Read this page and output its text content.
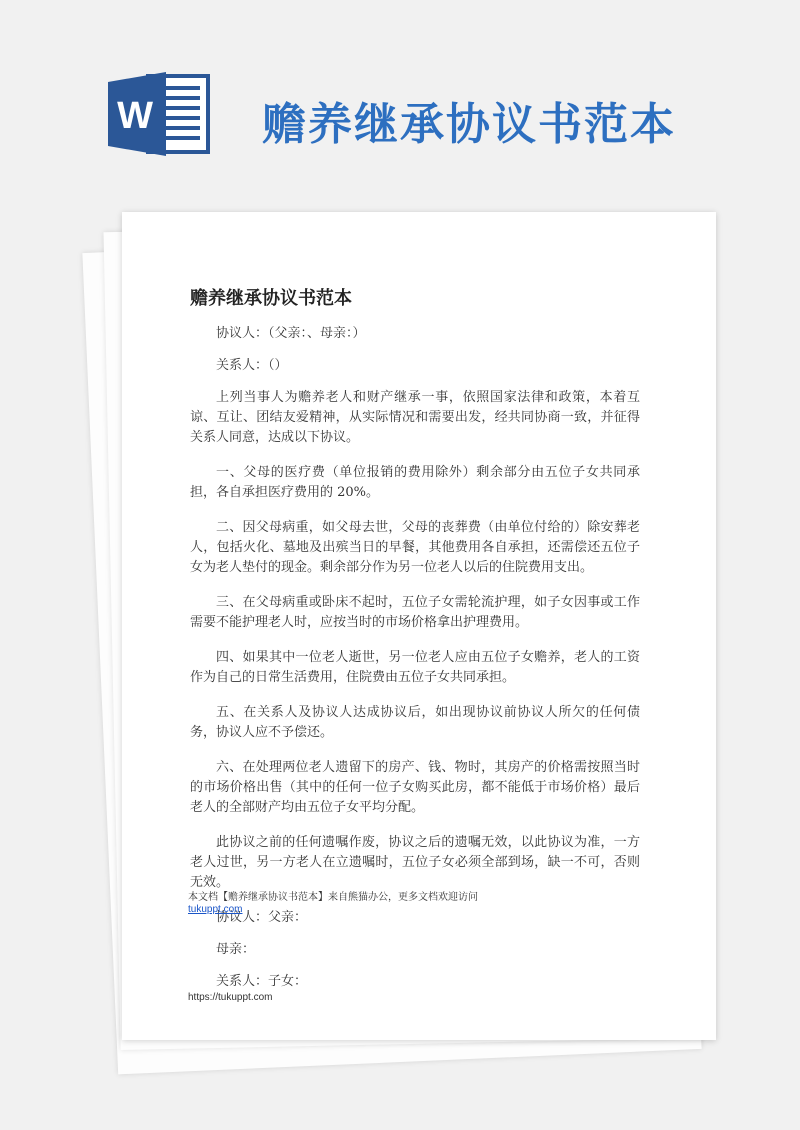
W 赡养继承协议书范本
赡养继承协议书范本

协议人：（父亲：、母亲：）

关系人：（）

上列当事人为赡养老人和财产继承一事，依照国家法律和政策，本着互谅、互让、团结友爱精神，从实际情况和需要出发，经共同协商一致，并征得关系人同意，达成以下协议。

一、父母的医疗费（单位报销的费用除外）剩余部分由五位子女共同承担，各自承担医疗费用的 20%。

二、因父母病重，如父母去世，父母的丧葬费（由单位付给的）除安葬老人，包括火化、墓地及出殡当日的早餐，其他费用各自承担，还需偿还五位子女为老人垫付的现金。剩余部分作为另一位老人以后的住院费用支出。

三、在父母病重或卧床不起时，五位子女需轮流护理，如子女因事或工作需要不能护理老人时，应按当时的市场价格拿出护理费用。

四、如果其中一位老人逝世，另一位老人应由五位子女赡养，老人的工资作为自己的日常生活费用，住院费由五位子女共同承担。

五、在关系人及协议人达成协议后，如出现协议前协议人所欠的任何债务，协议人应不予偿还。

六、在处理两位老人遗留下的房产、钱、物时，其房产的价格需按照当时的市场价格出售（其中的任何一位子女购买此房，都不能低于市场价格）最后老人的全部财产均由五位子女平均分配。

此协议之前的任何遗嘱作废，协议之后的遗嘱无效，以此协议为准，一方老人过世，另一方老人在立遗嘱时，五位子女必须全部到场，缺一不可，否则无效。

协议人：父亲：

母亲：

关系人：子女：

本文档【赡养继承协议书范本】来自熊猫办公，更多文档欢迎访问
tukuppt.com
https://tukuppt.com
